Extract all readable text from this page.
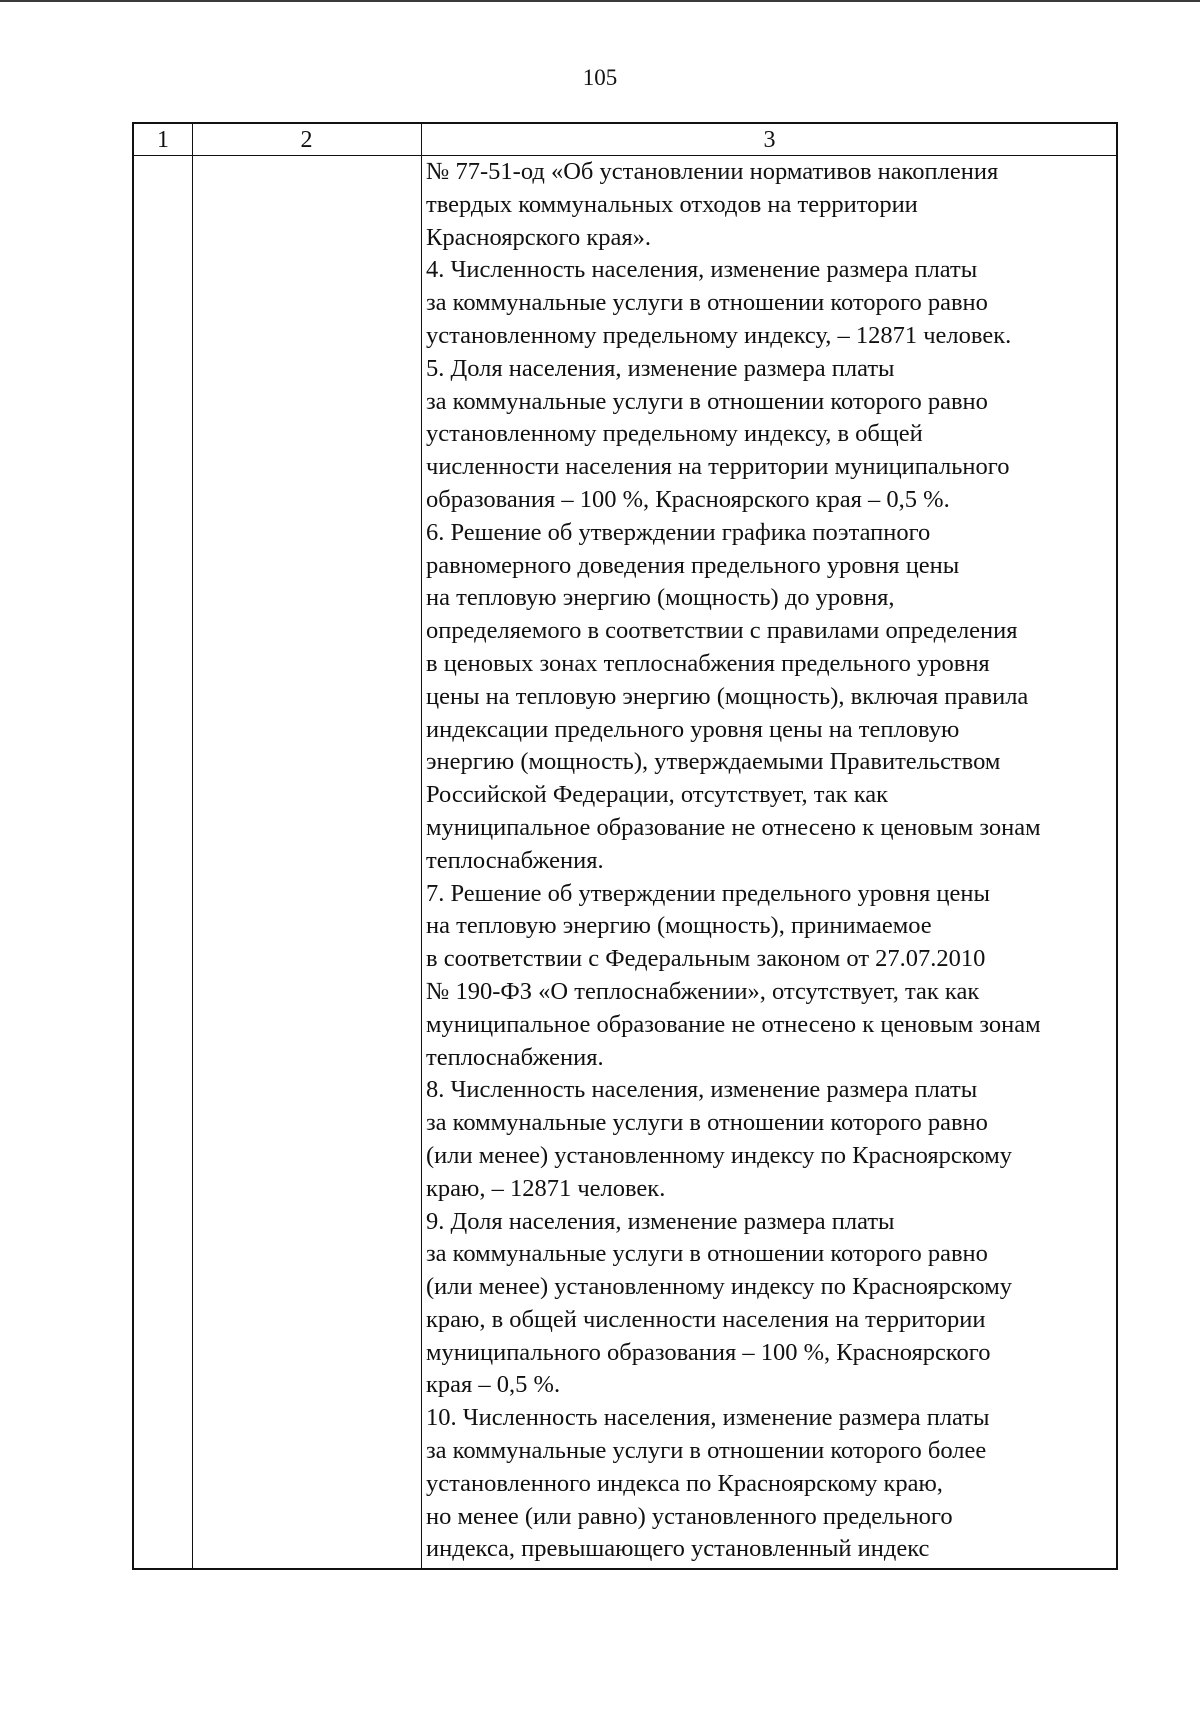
105
1	2	3
№ 77-51-од «Об установлении нормативов накопления
твердых коммунальных отходов на территории
Красноярского края».
4. Численность населения, изменение размера платы
за коммунальные услуги в отношении которого равно
установленному предельному индексу, – 12871 человек.
5. Доля населения, изменение размера платы
за коммунальные услуги в отношении которого равно
установленному предельному индексу, в общей
численности населения на территории муниципального
образования – 100 %, Красноярского края – 0,5 %.
6. Решение об утверждении графика поэтапного
равномерного доведения предельного уровня цены
на тепловую энергию (мощность) до уровня,
определяемого в соответствии с правилами определения
в ценовых зонах теплоснабжения предельного уровня
цены на тепловую энергию (мощность), включая правила
индексации предельного уровня цены на тепловую
энергию (мощность), утверждаемыми Правительством
Российской Федерации, отсутствует, так как
муниципальное образование не отнесено к ценовым зонам
теплоснабжения.
7. Решение об утверждении предельного уровня цены
на тепловую энергию (мощность), принимаемое
в соответствии с Федеральным законом от 27.07.2010
№ 190-ФЗ «О теплоснабжении», отсутствует, так как
муниципальное образование не отнесено к ценовым зонам
теплоснабжения.
8. Численность населения, изменение размера платы
за коммунальные услуги в отношении которого равно
(или менее) установленному индексу по Красноярскому
краю, – 12871 человек.
9. Доля населения, изменение размера платы
за коммунальные услуги в отношении которого равно
(или менее) установленному индексу по Красноярскому
краю, в общей численности населения на территории
муниципального образования – 100 %, Красноярского
края – 0,5 %.
10. Численность населения, изменение размера платы
за коммунальные услуги в отношении которого более
установленного индекса по Красноярскому краю,
но менее (или равно) установленного предельного
индекса, превышающего установленный индекс
